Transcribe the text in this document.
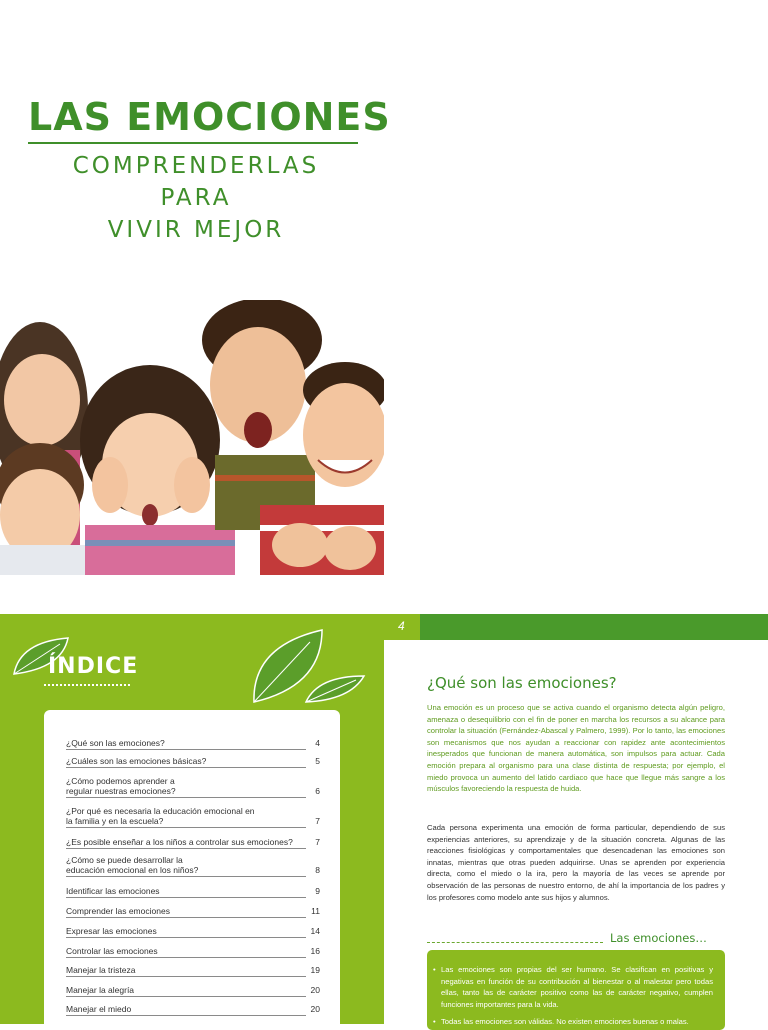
LAS EMOCIONES
COMPRENDERLAS PARA
VIVIR MEJOR
ÍNDICE
¿Qué son las emociones?	4
¿Cuáles son las emociones básicas?	5
¿Cómo podemos aprender a regular nuestras emociones?	6
¿Por qué es necesaria la educación emocional en la familia y en la escuela?	7
¿Es posible enseñar a los niños a controlar sus emociones?	7
¿Cómo se puede desarrollar la educación emocional en los niños?	8
Identificar las emociones	9
Comprender las emociones	11
Expresar las emociones	14
Controlar las emociones	16
Manejar la tristeza	19
Manejar la alegría	20
Manejar el miedo	20
4
¿Qué son las emociones?
Una emoción es un proceso que se activa cuando el organismo detecta algún peligro, amenaza o desequilibrio con el fin de poner en marcha los recursos a su alcance para controlar la situación (Fernández-Abascal y Palmero, 1999). Por lo tanto, las emociones son mecanismos que nos ayudan a reaccionar con rapidez ante acontecimientos inesperados que funcionan de manera automática, son impulsos para actuar. Cada emoción prepara al organismo para una clase distinta de respuesta; por ejemplo, el miedo provoca un aumento del latido cardiaco que hace que llegue más sangre a los músculos favoreciendo la respuesta de huida.
Cada persona experimenta una emoción de forma particular, dependiendo de sus experiencias anteriores, su aprendizaje y de la situación concreta. Algunas de las reacciones fisiológicas y comportamentales que desencadenan las emociones son innatas, mientras que otras pueden adquirirse. Unas se aprenden por experiencia directa, como el miedo o la ira, pero la mayoría de las veces se aprende por observación de las personas de nuestro entorno, de ahí la importancia de los padres y los profesores como modelo ante sus hijos y alumnos.
Las emociones…
• Las emociones son propias del ser humano. Se clasifican en positivas y negativas en función de su contribución al bienestar o al malestar pero todas ellas, tanto las de carácter positivo como las de carácter negativo, cumplen funciones importantes para la vida.
• Todas las emociones son válidas. No existen emociones buenas o malas.
